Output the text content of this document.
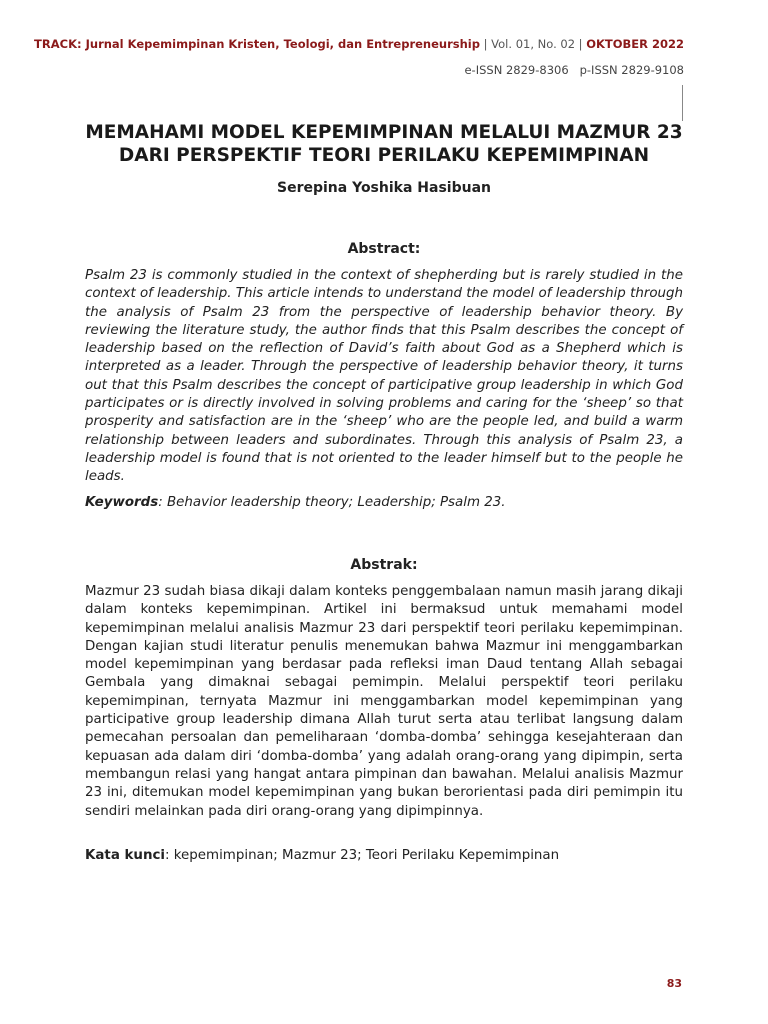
TRACK: Jurnal Kepemimpinan Kristen, Teologi, dan Entrepreneurship | Vol. 01, No. 02 | OKTOBER 2022
e-ISSN 2829-8306   p-ISSN 2829-9108
MEMAHAMI MODEL KEPEMIMPINAN MELALUI MAZMUR 23 DARI PERSPEKTIF TEORI PERILAKU KEPEMIMPINAN
Serepina Yoshika Hasibuan
Abstract:
Psalm 23 is commonly studied in the context of shepherding but is rarely studied in the context of leadership. This article intends to understand the model of leadership through the analysis of Psalm 23 from the perspective of leadership behavior theory. By reviewing the literature study, the author finds that this Psalm describes the concept of leadership based on the reflection of David’s faith about God as a Shepherd which is interpreted as a leader. Through the perspective of leadership behavior theory, it turns out that this Psalm describes the concept of participative group leadership in which God participates or is directly involved in solving problems and caring for the ‘sheep’ so that prosperity and satisfaction are in the ‘sheep’ who are the people led, and build a warm relationship between leaders and subordinates. Through this analysis of Psalm 23, a leadership model is found that is not oriented to the leader himself but to the people he leads.
Keywords: Behavior leadership theory; Leadership; Psalm 23.
Abstrak:
Mazmur 23 sudah biasa dikaji dalam konteks penggembalaan namun masih jarang dikaji dalam konteks kepemimpinan. Artikel ini bermaksud untuk memahami model kepemimpinan melalui analisis Mazmur 23 dari perspektif teori perilaku kepemimpinan. Dengan kajian studi literatur penulis menemukan bahwa Mazmur ini menggambarkan model kepemimpinan yang berdasar pada refleksi iman Daud tentang Allah sebagai Gembala yang dimaknai sebagai pemimpin. Melalui perspektif teori perilaku kepemimpinan, ternyata Mazmur ini menggambarkan model kepemimpinan yang participative group leadership dimana Allah turut serta atau terlibat langsung dalam pemecahan persoalan dan pemeliharaan ‘domba-domba’ sehingga kesejahteraan dan kepuasan ada dalam diri ‘domba-domba’ yang adalah orang-orang yang dipimpin, serta membangun relasi yang hangat antara pimpinan dan bawahan. Melalui analisis Mazmur 23 ini, ditemukan model kepemimpinan yang bukan berorientasi pada diri pemimpin itu sendiri melainkan pada diri orang-orang yang dipimpinnya.
Kata kunci: kepemimpinan; Mazmur 23; Teori Perilaku Kepemimpinan
83
